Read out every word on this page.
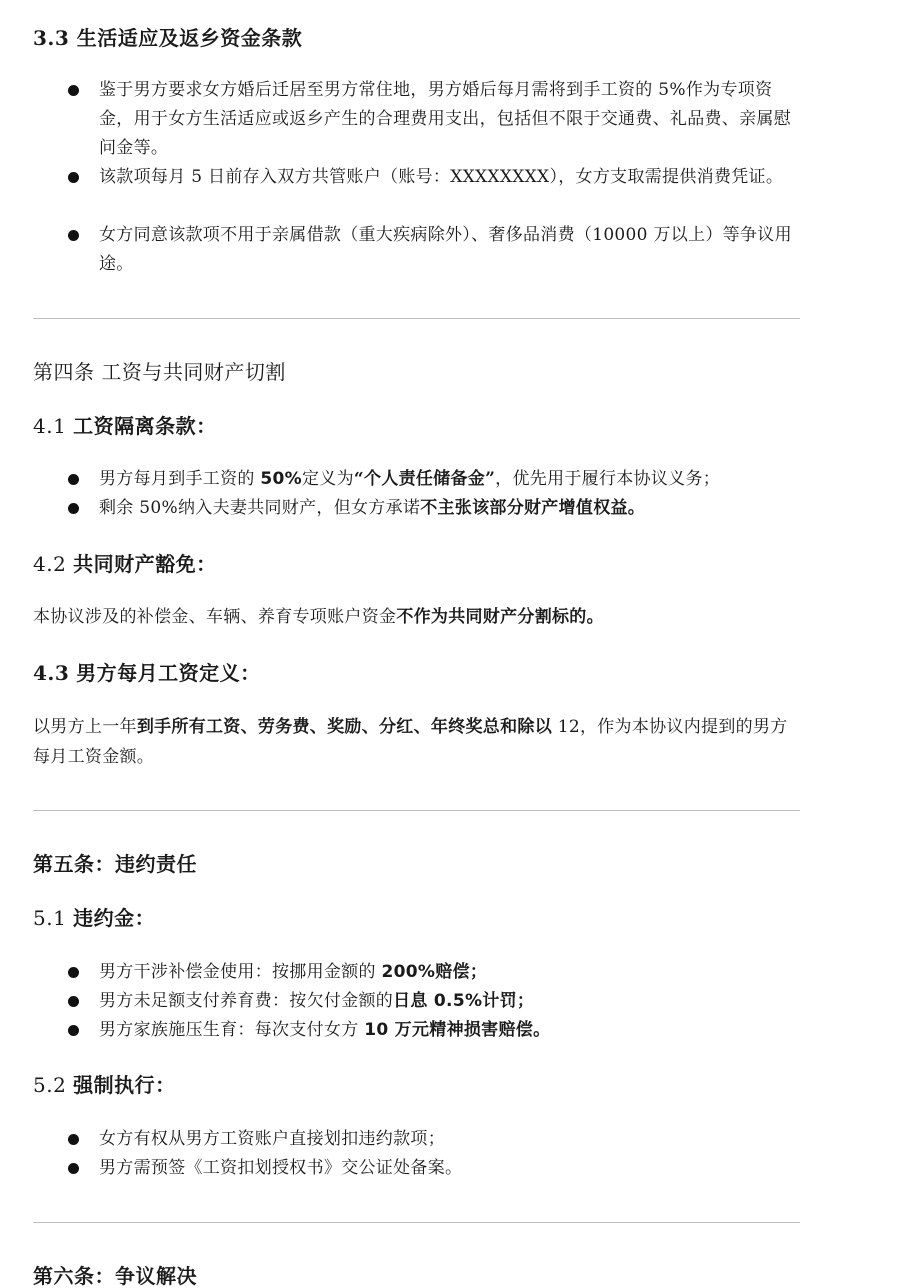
3.3 生活适应及返乡资金条款
鉴于男方要求女方婚后迁居至男方常住地，男方婚后每月需将到手工资的 5%作为专项资金，用于女方生活适应或返乡产生的合理费用支出，包括但不限于交通费、礼品费、亲属慰问金等。
该款项每月 5 日前存入双方共管账户（账号：XXXXXXXX），女方支取需提供消费凭证。
女方同意该款项不用于亲属借款（重大疾病除外）、奢侈品消费（10000 万以上）等争议用途。
第四条 工资与共同财产切割
4.1 工资隔离条款：
男方每月到手工资的 50%定义为“个人责任储备金”，优先用于履行本协议义务；
剩余 50%纳入夫妻共同财产，但女方承诺不主张该部分财产增值权益。
4.2 共同财产豁免：
本协议涉及的补偿金、车辆、养育专项账户资金不作为共同财产分割标的。
4.3 男方每月工资定义：
以男方上一年到手所有工资、劳务费、奖励、分红、年终奖总和除以 12，作为本协议内提到的男方每月工资金额。
第五条：违约责任
5.1 违约金：
男方干涉补偿金使用：按挪用金额的 200%赔偿；
男方未足额支付养育费：按欠付金额的日息 0.5%计罚；
男方家族施压生育：每次支付女方 10 万元精神损害赔偿。
5.2 强制执行：
女方有权从男方工资账户直接划扣违约款项；
男方需预签《工资扣划授权书》交公证处备案。
第六条：争议解决
